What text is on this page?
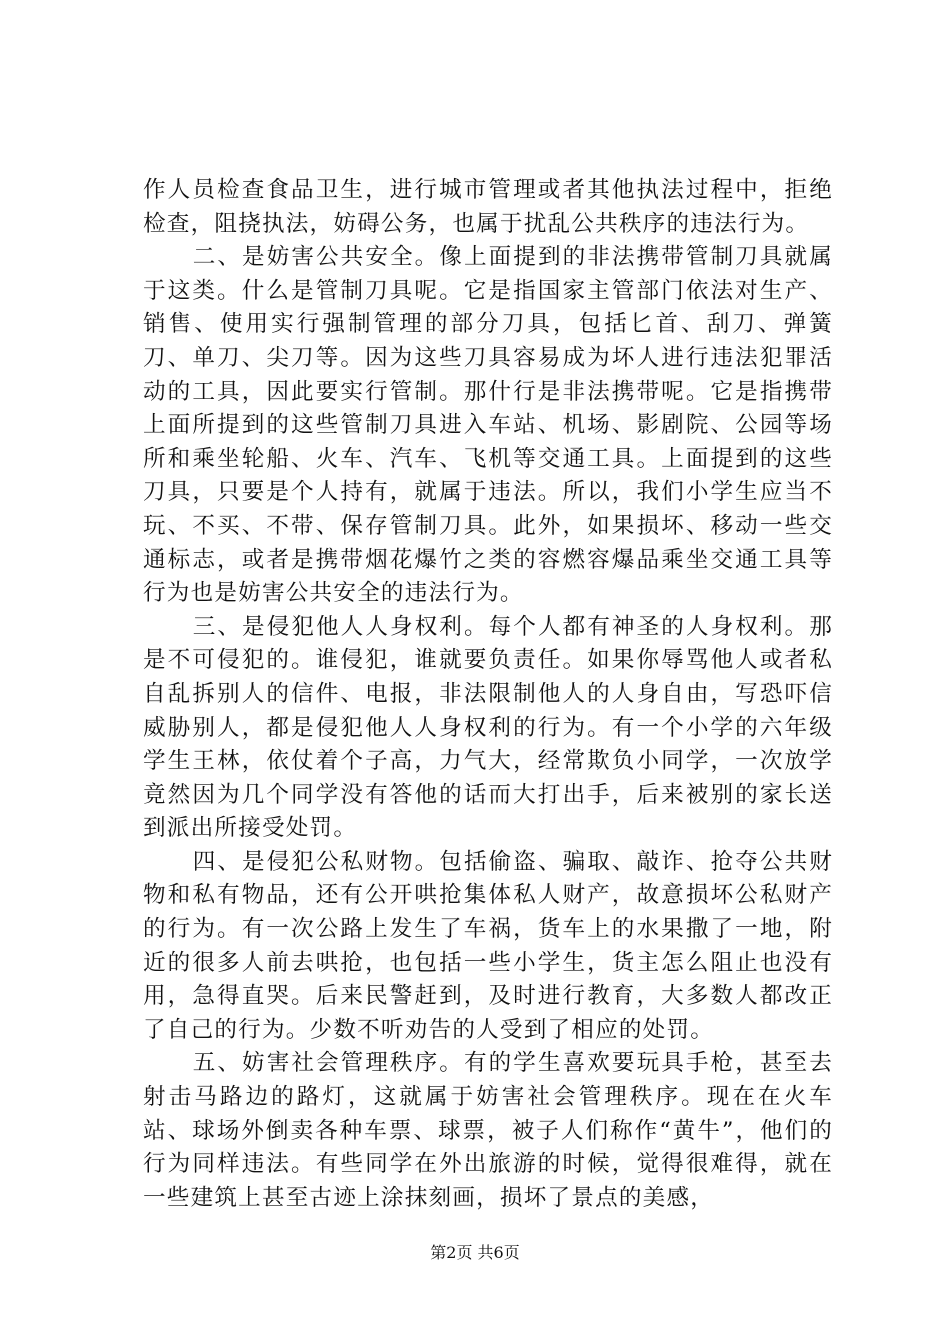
作人员检查食品卫生，进行城市管理或者其他执法过程中，拒绝检查，阻挠执法，妨碍公务，也属于扰乱公共秩序的违法行为。

二、是妨害公共安全。像上面提到的非法携带管制刀具就属于这类。什么是管制刀具呢。它是指国家主管部门依法对生产、销售、使用实行强制管理的部分刀具，包括匕首、刮刀、弹簧刀、单刀、尖刀等。因为这些刀具容易成为坏人进行违法犯罪活动的工具，因此要实行管制。那什行是非法携带呢。它是指携带上面所提到的这些管制刀具进入车站、机场、影剧院、公园等场所和乘坐轮船、火车、汽车、飞机等交通工具。上面提到的这些刀具，只要是个人持有，就属于违法。所以，我们小学生应当不玩、不买、不带、保存管制刀具。此外，如果损坏、移动一些交通标志，或者是携带烟花爆竹之类的容燃容爆品乘坐交通工具等行为也是妨害公共安全的违法行为。

三、是侵犯他人人身权利。每个人都有神圣的人身权利。那是不可侵犯的。谁侵犯，谁就要负责任。如果你辱骂他人或者私自乱拆别人的信件、电报，非法限制他人的人身自由，写恐吓信威胁别人，都是侵犯他人人身权利的行为。有一个小学的六年级学生王林，依仗着个子高，力气大，经常欺负小同学，一次放学竟然因为几个同学没有答他的话而大打出手，后来被别的家长送到派出所接受处罚。

四、是侵犯公私财物。包括偷盗、骗取、敲诈、抢夺公共财物和私有物品，还有公开哄抢集体私人财产，故意损坏公私财产的行为。有一次公路上发生了车祸，货车上的水果撒了一地，附近的很多人前去哄抢，也包括一些小学生，货主怎么阻止也没有用，急得直哭。后来民警赶到，及时进行教育，大多数人都改正了自己的行为。少数不听劝告的人受到了相应的处罚。

五、妨害社会管理秩序。有的学生喜欢要玩具手枪，甚至去射击马路边的路灯，这就属于妨害社会管理秩序。现在在火车站、球场外倒卖各种车票、球票，被子人们称作“黄牛”，他们的行为同样违法。有些同学在外出旅游的时候，觉得很难得，就在一些建筑上甚至古迹上涂抹刻画，损坏了景点的美感，

第2页 共6页
